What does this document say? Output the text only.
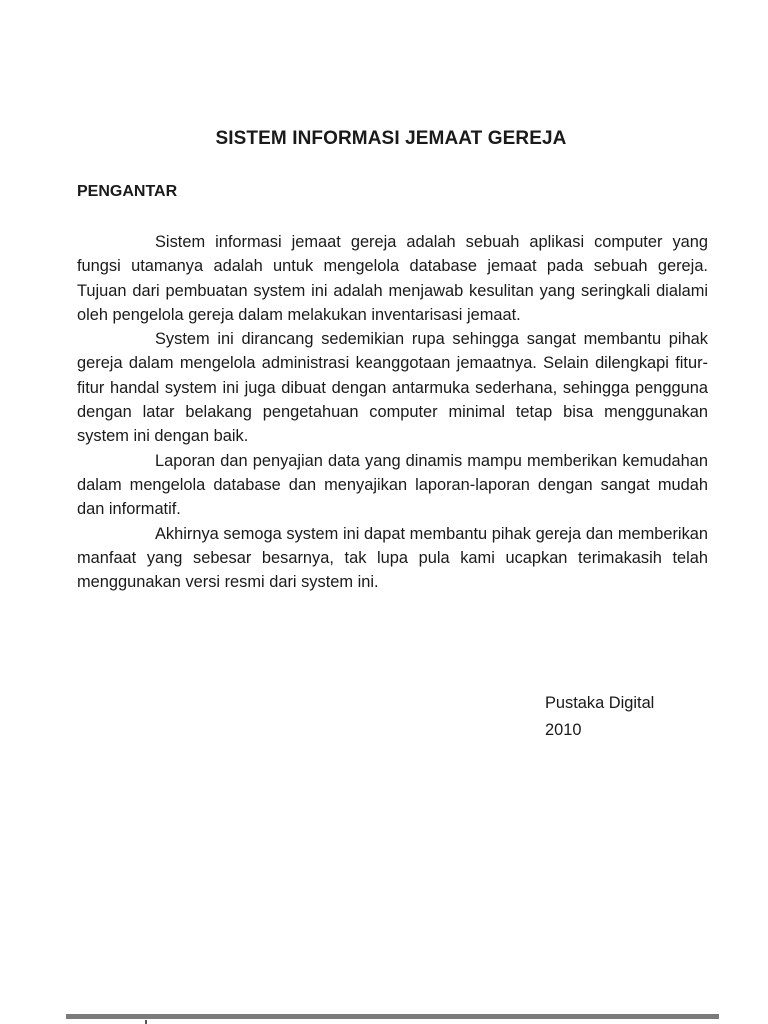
SISTEM INFORMASI JEMAAT GEREJA
PENGANTAR

Sistem informasi jemaat gereja adalah sebuah aplikasi computer yang fungsi utamanya adalah untuk mengelola database jemaat pada sebuah gereja. Tujuan dari pembuatan system ini adalah menjawab kesulitan yang seringkali dialami oleh pengelola gereja dalam melakukan inventarisasi jemaat.

System ini dirancang sedemikian rupa sehingga sangat membantu pihak gereja dalam mengelola administrasi keanggotaan jemaatnya. Selain dilengkapi fitur-fitur handal system ini juga dibuat dengan antarmuka sederhana, sehingga pengguna dengan latar belakang pengetahuan computer minimal tetap bisa menggunakan system ini dengan baik.

Laporan dan penyajian data yang dinamis mampu memberikan kemudahan dalam mengelola database dan menyajikan laporan-laporan dengan sangat mudah dan informatif.

Akhirnya semoga system ini dapat membantu pihak gereja dan memberikan manfaat yang sebesar besarnya, tak lupa pula kami ucapkan terimakasih telah menggunakan versi resmi dari system ini.

Pustaka Digital
2010
